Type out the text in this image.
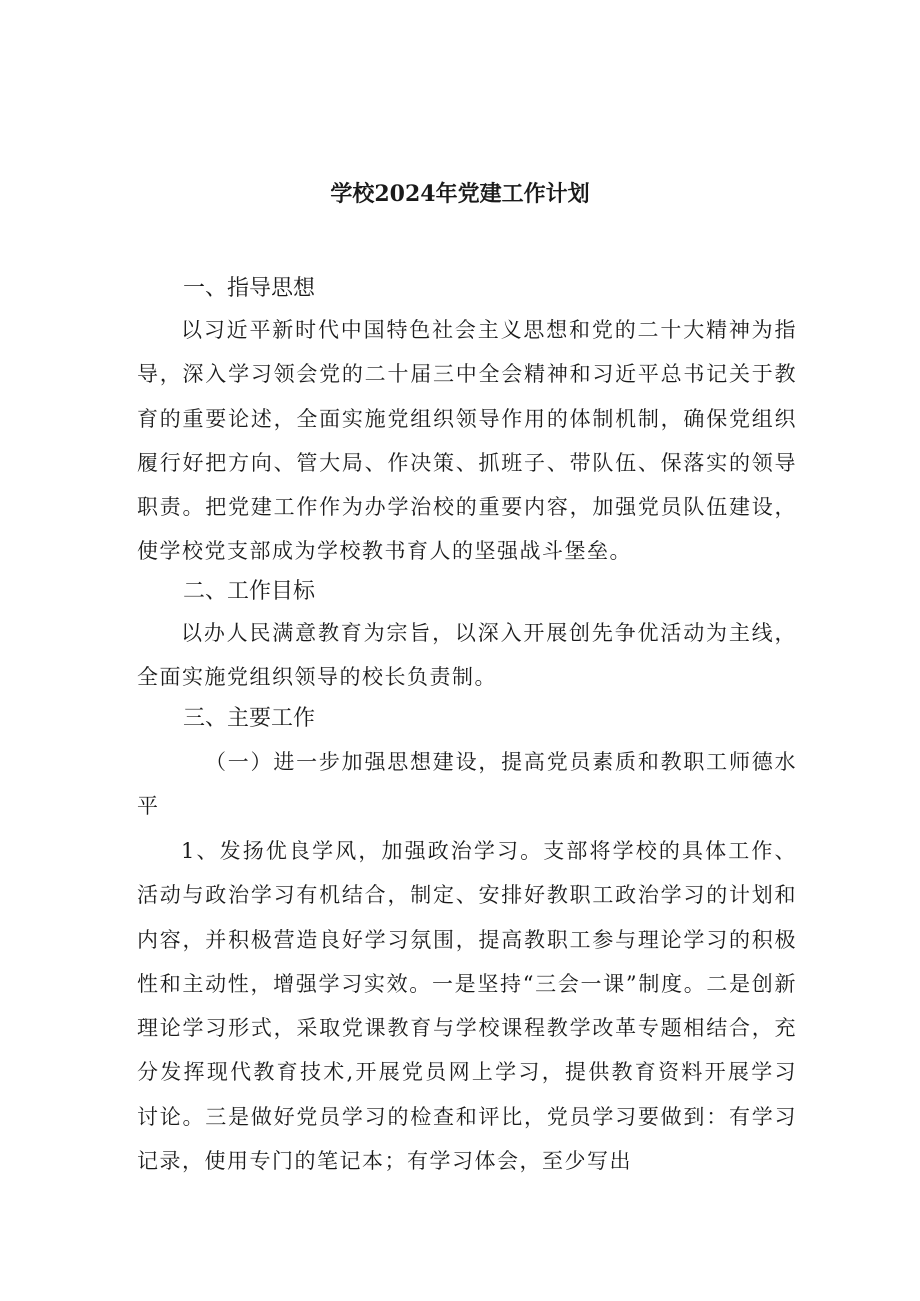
学校2024年党建工作计划
一、指导思想

以习近平新时代中国特色社会主义思想和党的二十大精神为指导，深入学习领会党的二十届三中全会精神和习近平总书记关于教育的重要论述，全面实施党组织领导作用的体制机制，确保党组织履行好把方向、管大局、作决策、抓班子、带队伍、保落实的领导职责。把党建工作作为办学治校的重要内容，加强党员队伍建设，使学校党支部成为学校教书育人的坚强战斗堡垒。

二、工作目标

以办人民满意教育为宗旨，以深入开展创先争优活动为主线，全面实施党组织领导的校长负责制。

三、主要工作

（一）进一步加强思想建设，提高党员素质和教职工师德水平

1、发扬优良学风，加强政治学习。支部将学校的具体工作、活动与政治学习有机结合，制定、安排好教职工政治学习的计划和内容，并积极营造良好学习氛围，提高教职工参与理论学习的积极性和主动性，增强学习实效。一是坚持“三会一课”制度。二是创新理论学习形式，采取党课教育与学校课程教学改革专题相结合，充分发挥现代教育技术,开展党员网上学习，提供教育资料开展学习讨论。三是做好党员学习的检查和评比，党员学习要做到：有学习记录，使用专门的笔记本；有学习体会，至少写出
